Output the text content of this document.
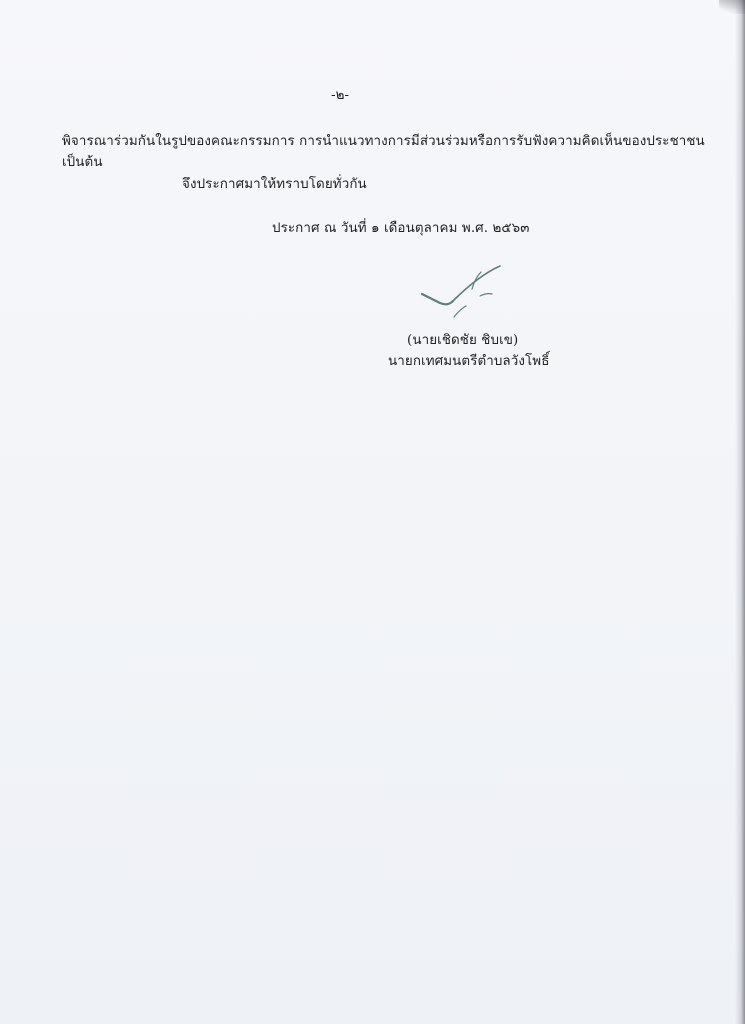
-๒-
พิจารณาร่วมกันในรูปของคณะกรรมการ การนำแนวทางการมีส่วนร่วมหรือการรับฟังความคิดเห็นของประชาชน
เป็นต้น
จึงประกาศมาให้ทราบโดยทั่วกัน
ประกาศ ณ วันที่ ๑ เดือนตุลาคม พ.ศ. ๒๕๖๓
(นายเชิดชัย ชิบเข)
นายกเทศมนตรีตำบลวังโพธิ์
